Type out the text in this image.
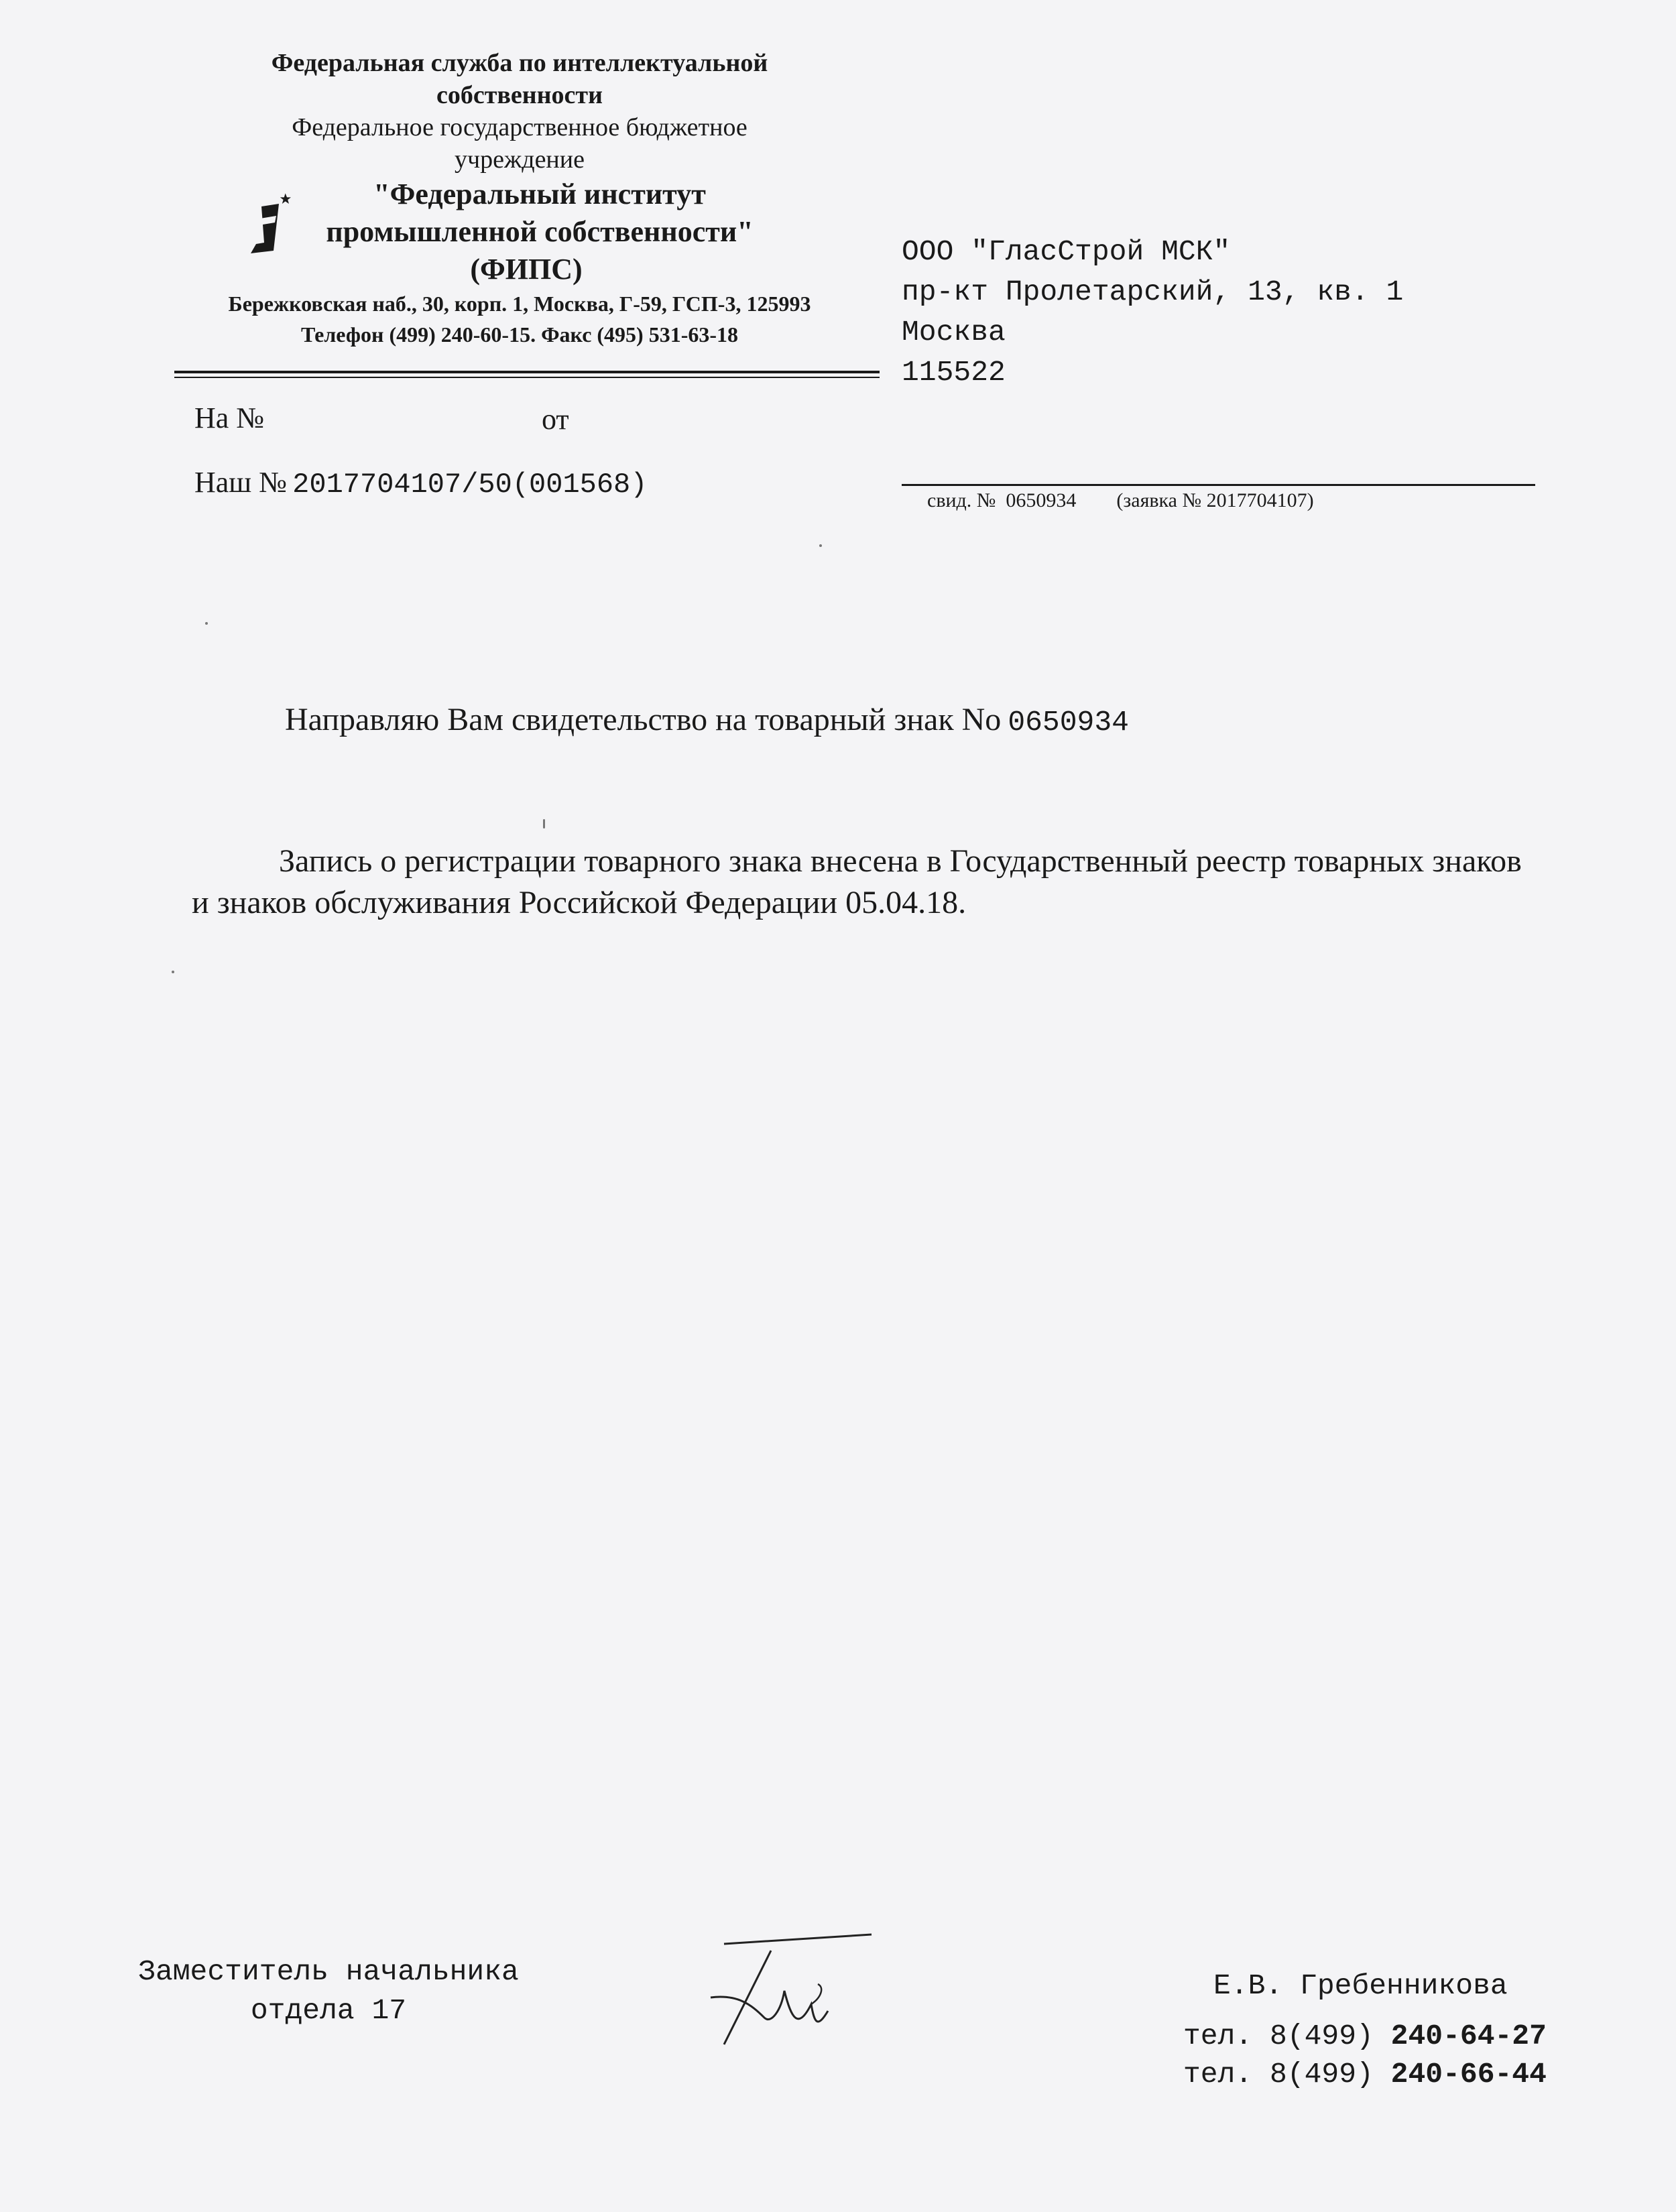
Федеральная служба по интеллектуальной
собственности
Федеральное государственное бюджетное
учреждение
"Федеральный институт
промышленной собственности"
(ФИПС)
Бережковская наб., 30, корп. 1, Москва, Г-59, ГСП-3, 125993
Телефон (499) 240-60-15. Факс (495) 531-63-18
ООО "ГласСтрой МСК"
пр-кт Пролетарский, 13, кв. 1
Москва
115522
свид. № 0650934 (заявка № 2017704107)
На №	от
Наш № 2017704107/50(001568)
Направляю Вам свидетельство на товарный знак No 0650934
Запись о регистрации товарного знака внесена в Государственный реестр товарных знаков и знаков обслуживания Российской Федерации 05.04.18.
Заместитель начальника
отдела 17
Е.В. Гребенникова
тел. 8(499) 240-64-27
тел. 8(499) 240-66-44
